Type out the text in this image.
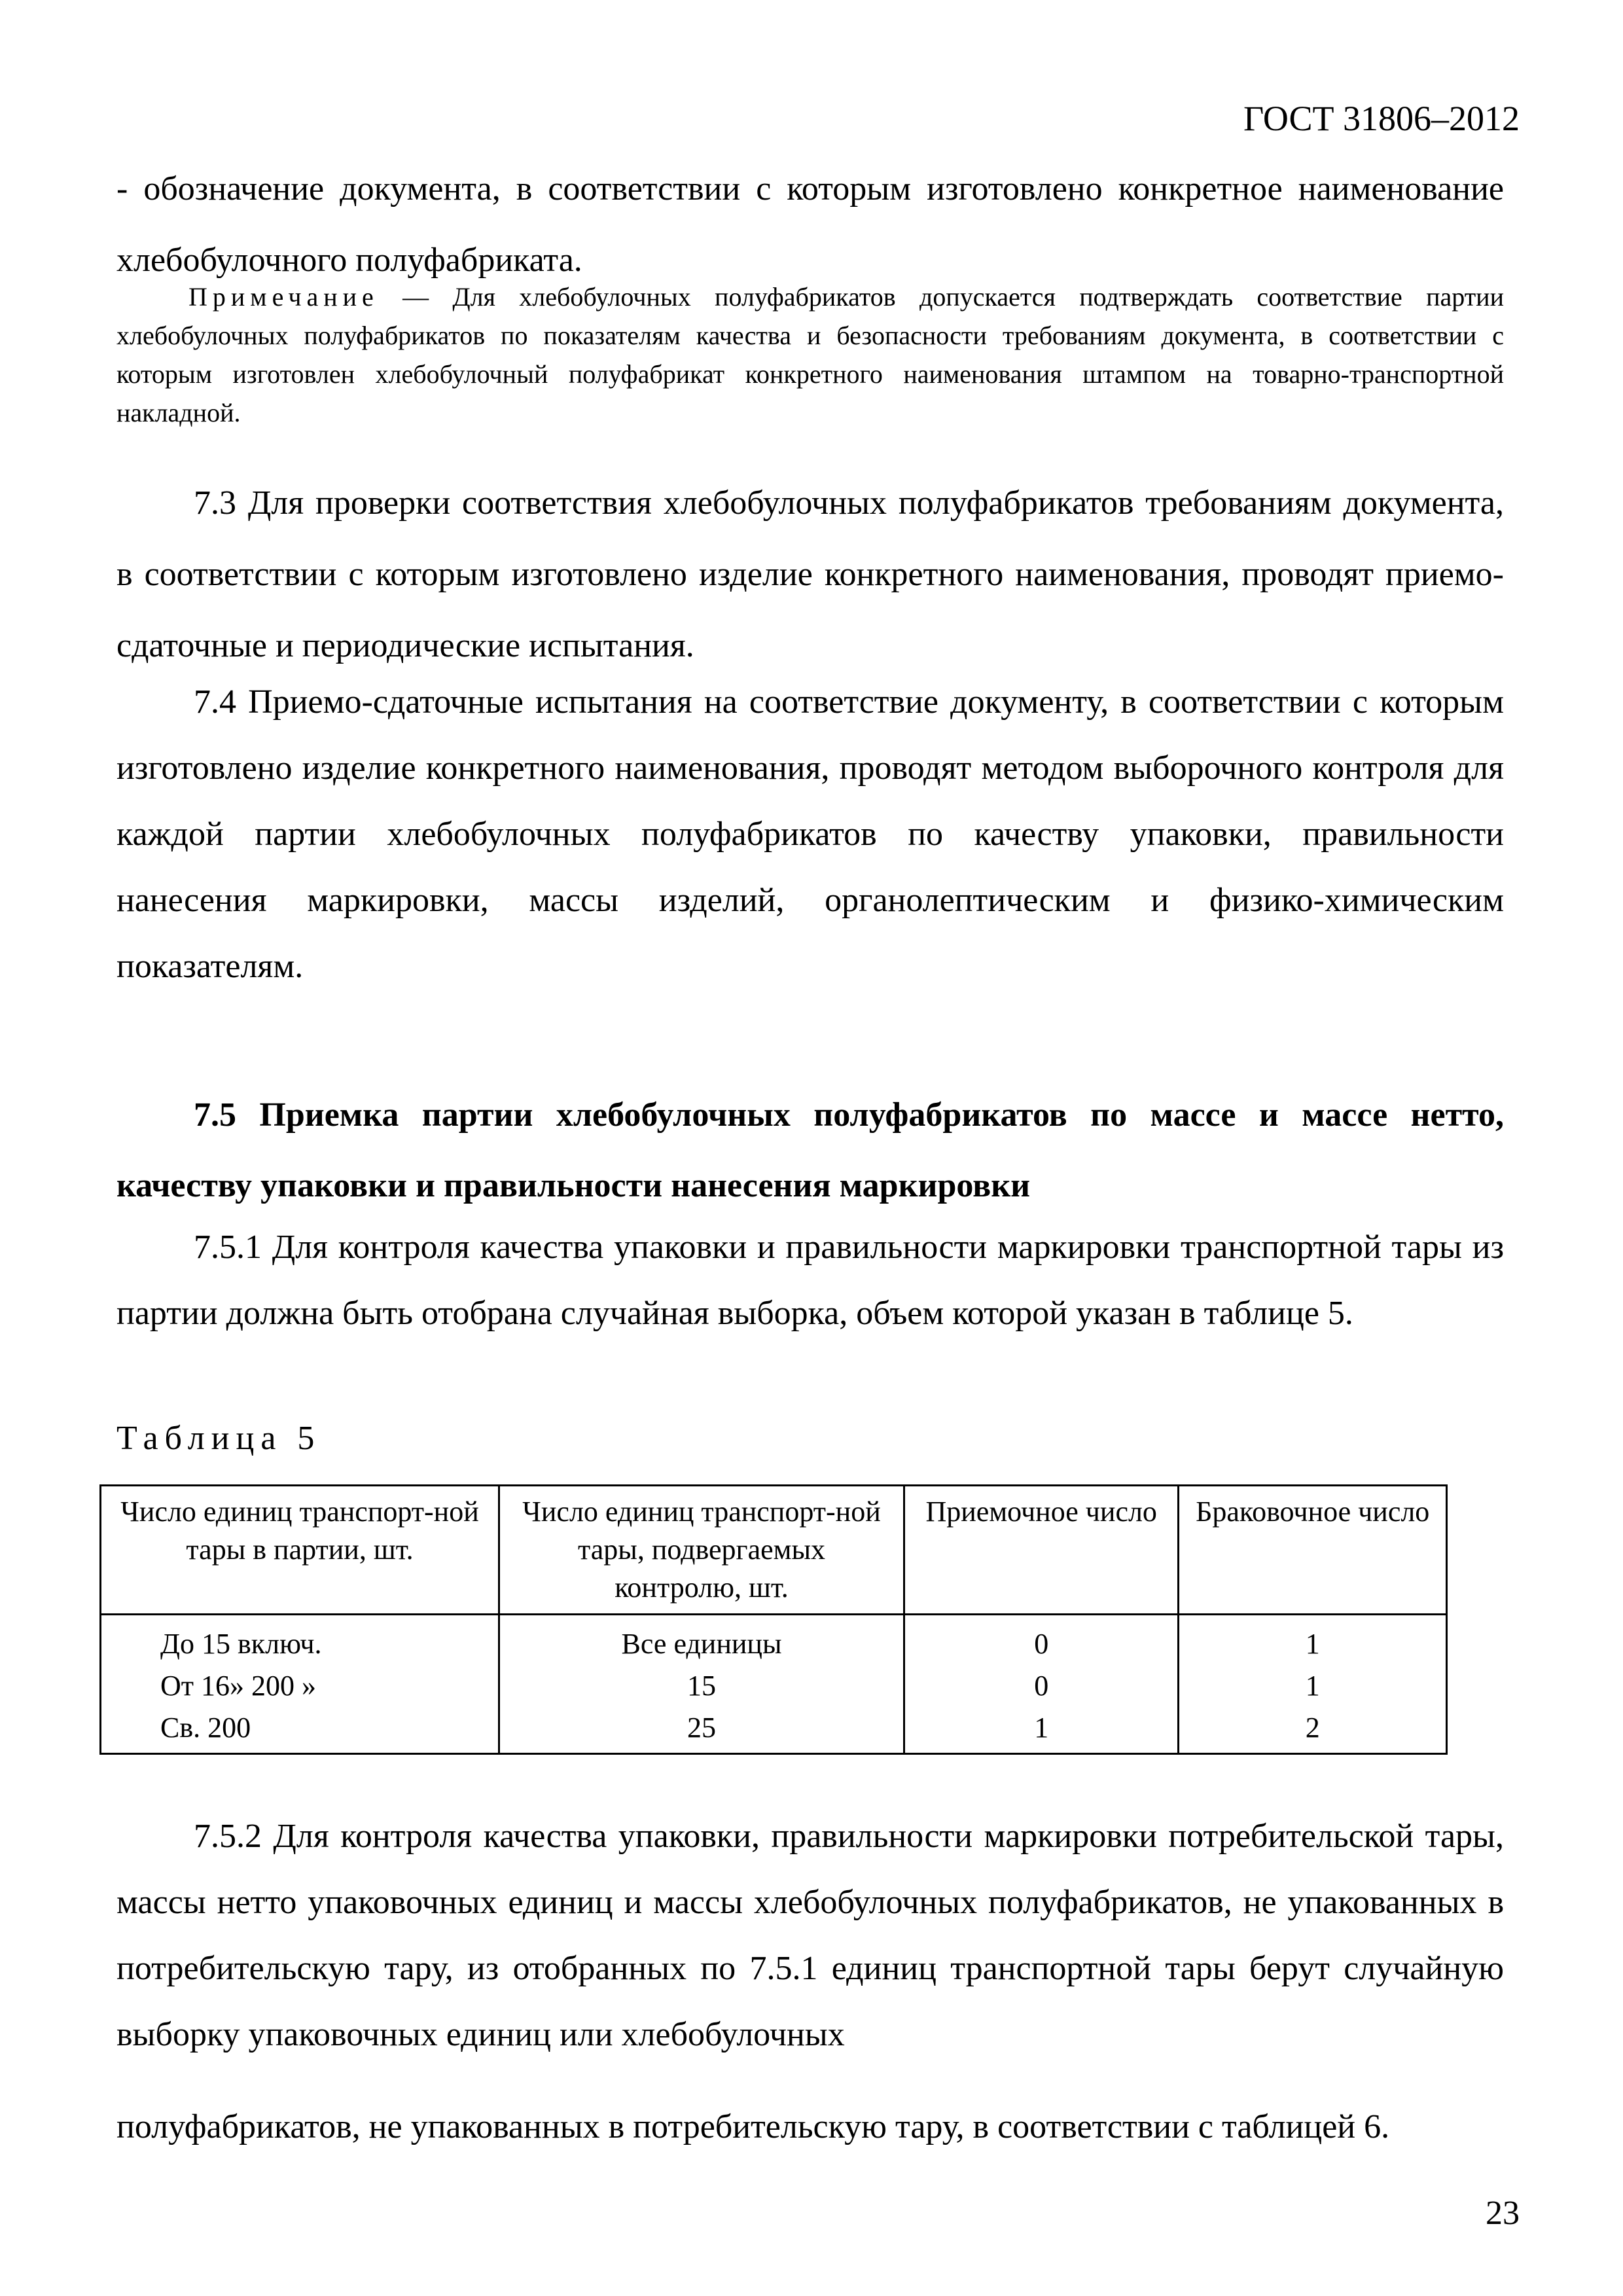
ГОСТ 31806–2012

- обозначение документа, в соответствии с которым изготовлено конкретное наименование хлебобулочного полуфабриката.

Примечание — Для хлебобулочных полуфабрикатов допускается подтверждать соответствие партии хлебобулочных полуфабрикатов по показателям качества и безопасности требованиям документа, в соответствии с которым изготовлен хлебобулочный полуфабрикат конкретного наименования штампом на товарно-транспортной накладной.

7.3 Для проверки соответствия хлебобулочных полуфабрикатов требованиям документа, в соответствии с которым изготовлено изделие конкретного наименования, проводят приемо-сдаточные и периодические испытания.

7.4 Приемо-сдаточные испытания на соответствие документу, в соответствии с которым изготовлено изделие конкретного наименования, проводят методом выборочного контроля для каждой партии хлебобулочных полуфабрикатов по качеству упаковки, правильности нанесения маркировки, массы изделий, органолептическим и физико-химическим показателям.

7.5 Приемка партии хлебобулочных полуфабрикатов по массе и массе нетто, качеству упаковки и правильности нанесения маркировки

7.5.1 Для контроля качества упаковки и правильности маркировки транспортной тары из партии должна быть отобрана случайная выборка, объем которой указан в таблице 5.

Таблица 5
Число единиц транспорт-ной тары в партии, шт.	Число единиц транспорт-ной тары, подвергаемых контролю, шт.	Приемочное число	Браковочное число
До 15 включ.	Все единицы	0	1
От 16» 200 »	15	0	1
Св. 200	25	1	2

7.5.2 Для контроля качества упаковки, правильности маркировки потребительской тары, массы нетто упаковочных единиц и массы хлебобулочных полуфабрикатов, не упакованных в потребительскую тару, из отобранных по 7.5.1 единиц транспортной тары берут случайную выборку упаковочных единиц или хлебобулочных

полуфабрикатов, не упакованных в потребительскую тару, в соответствии с таблицей 6.

23
